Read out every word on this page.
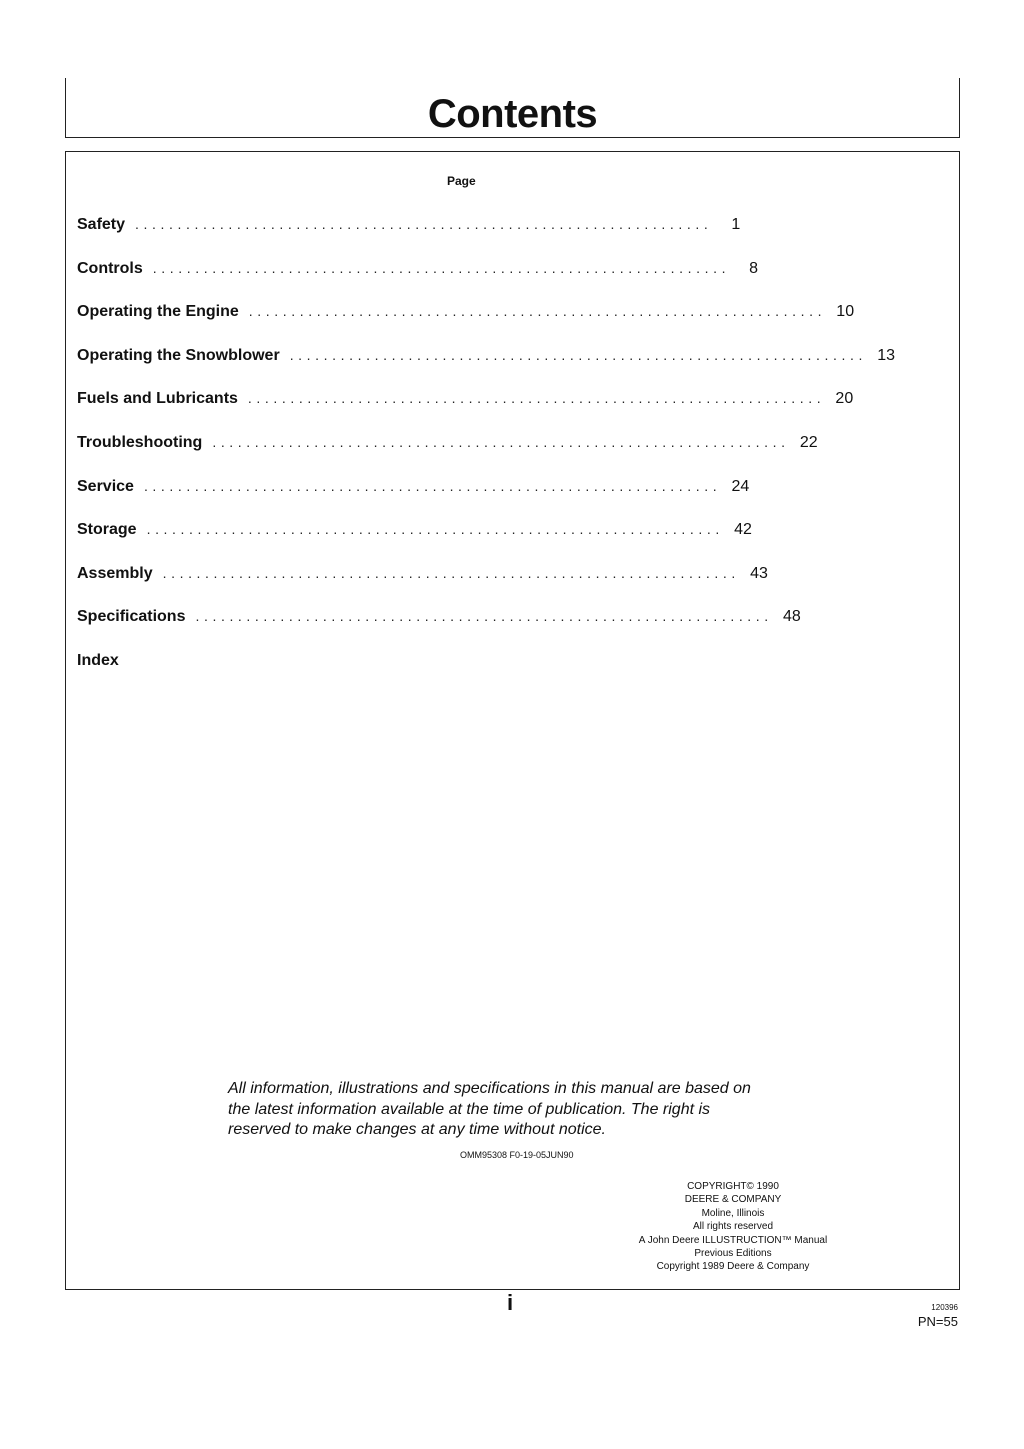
Contents
Page
Safety ....................................................................	1
Controls ....................................................................	8
Operating the Engine .................................................................... 10
Operating the Snowblower .................................................................... 13
Fuels and Lubricants .................................................................... 20
Troubleshooting .................................................................... 22
Service .................................................................... 24
Storage .................................................................... 42
Assembly .................................................................... 43
Specifications .................................................................... 48
Index
All information, illustrations and specifications in this manual are based on
the latest information available at the time of publication. The right is
reserved to make changes at any time without notice.
OMM95308 F0-19-05JUN90
COPYRIGHT© 1990
DEERE & COMPANY
Moline, Illinois
All rights reserved
A John Deere ILLUSTRUCTION™ Manual
Previous Editions
Copyright 1989 Deere & Company
i	120396
PN=55
